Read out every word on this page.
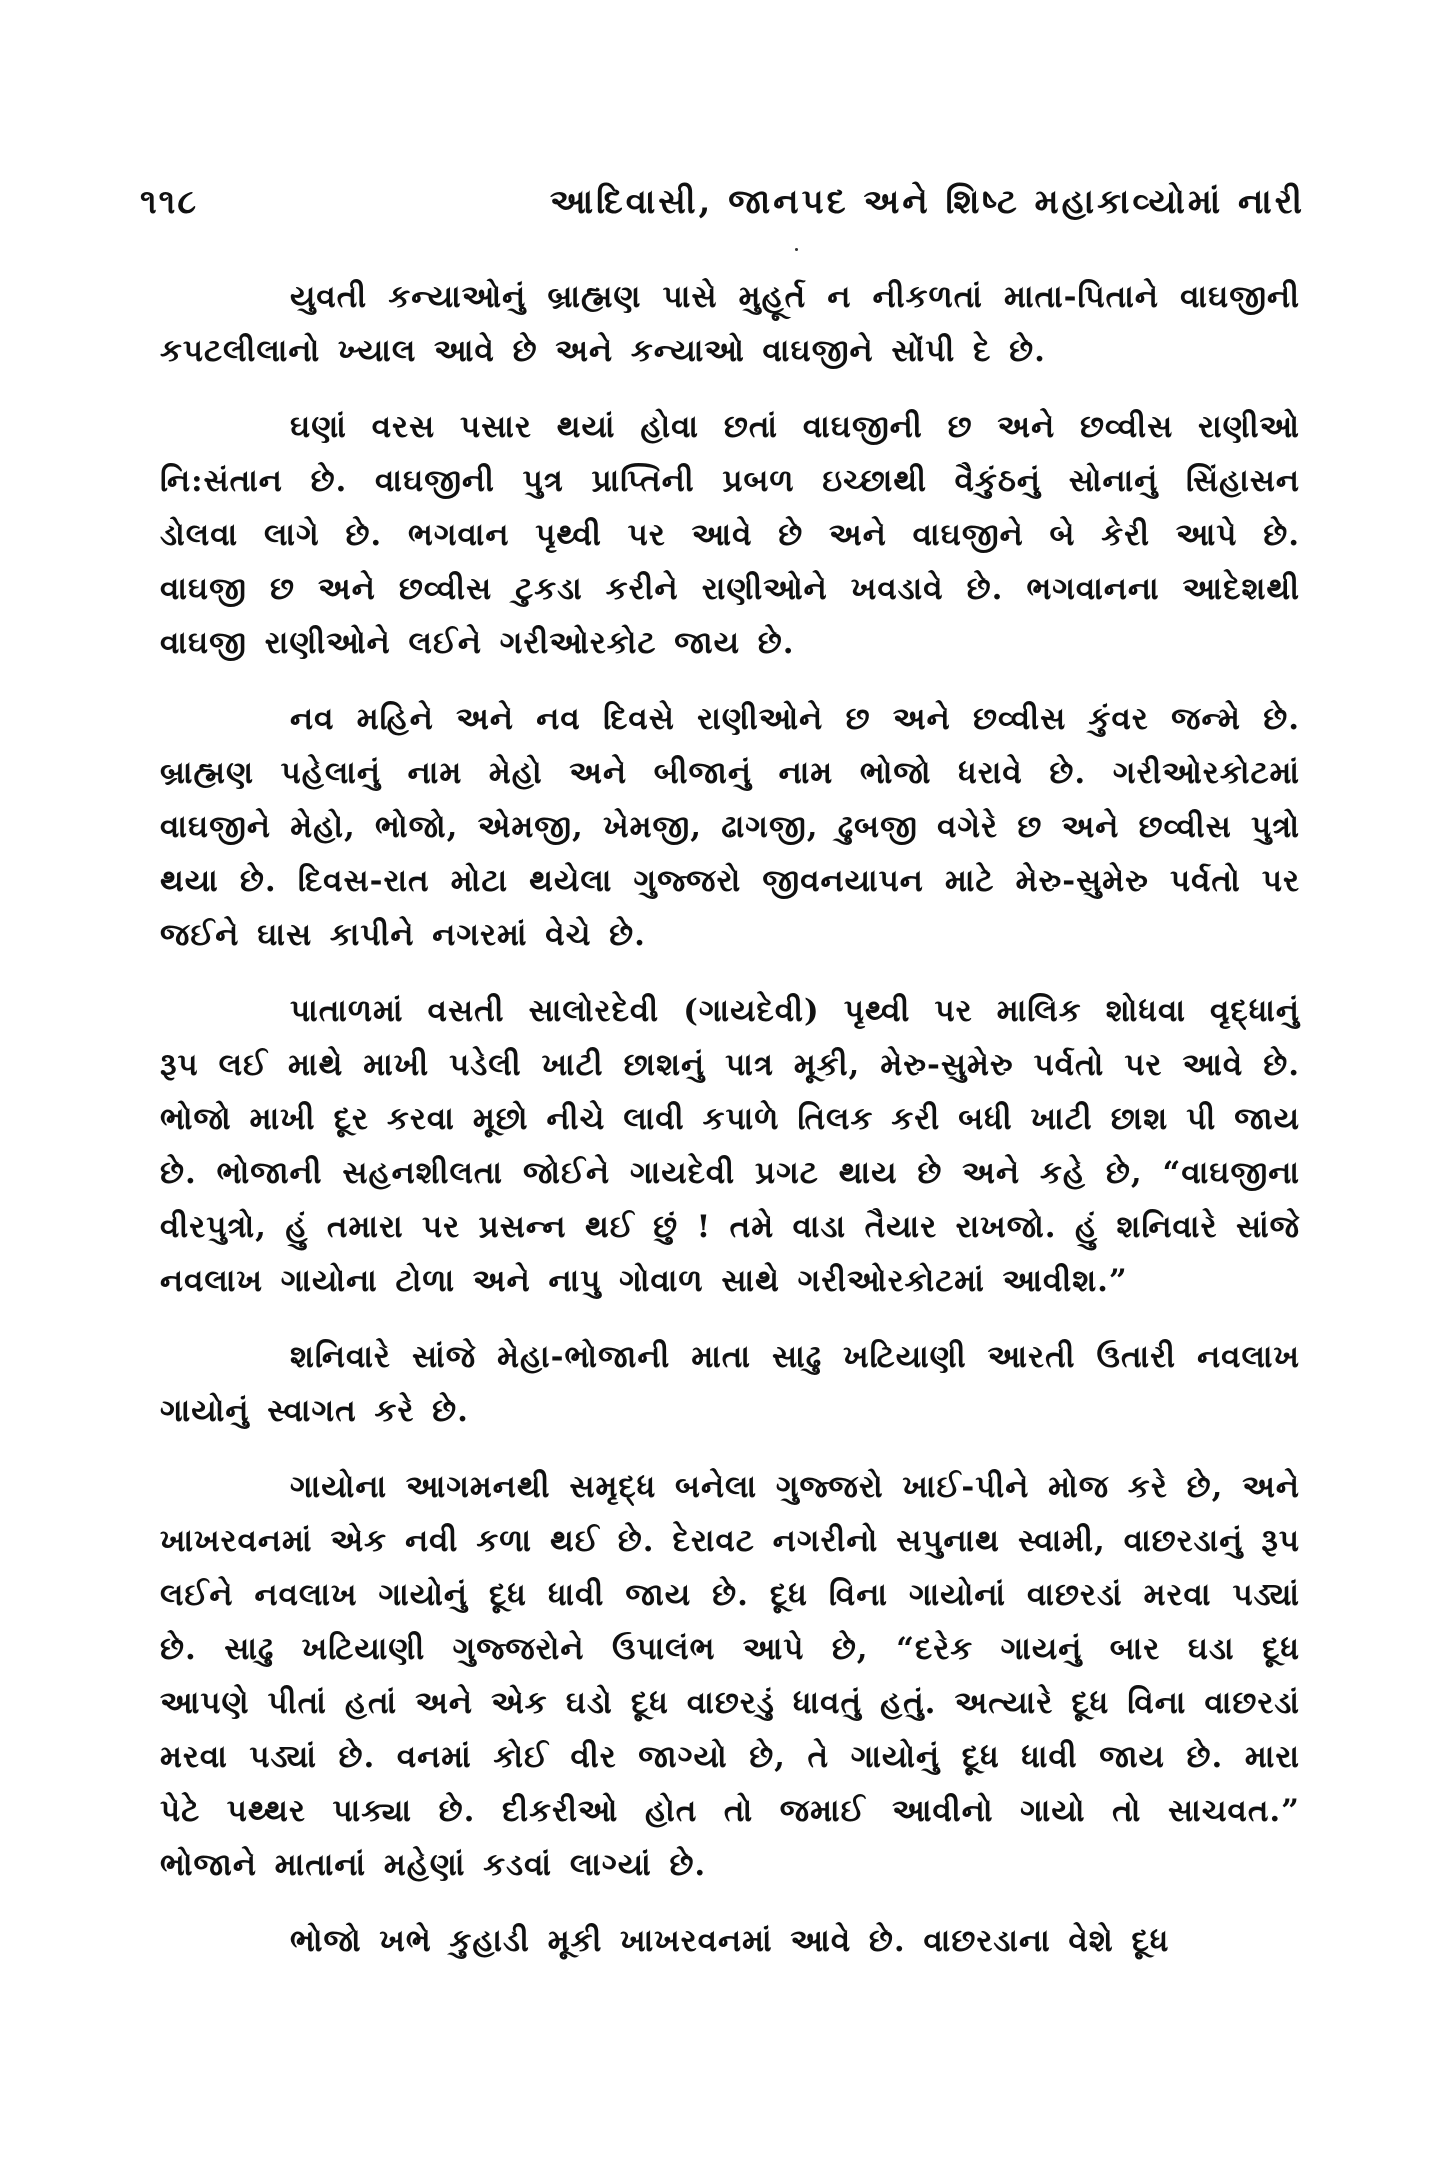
૧૧૮	આદિવાસી, જાનપદ અને શિષ્ટ મહાકાવ્યોમાં નારી

યુવતી કન્યાઓનું બ્રાહ્મણ પાસે મુહૂર્ત ન નીકળતાં માતા-પિતાને વાઘજીની કપટલીલાનો ખ્યાલ આવે છે અને કન્યાઓ વાઘજીને સોંપી દે છે.

ઘણાં વરસ પસાર થયાં હોવા છતાં વાઘજીની છ અને છવ્વીસ રાણીઓ નિ:સંતાન છે. વાઘજીની પુત્ર પ્રાપ્તિની પ્રબળ ઇચ્છાથી વૈકુંઠનું સોનાનું સિંહાસન ડોલવા લાગે છે. ભગવાન પૃથ્વી પર આવે છે અને વાઘજીને બે કેરી આપે છે. વાઘજી છ અને છવ્વીસ ટુકડા કરીને રાણીઓને ખવડાવે છે. ભગવાનના આદેશથી વાઘજી રાણીઓને લઈને ગરીઓરકોટ જાય છે.

નવ મહિને અને નવ દિવસે રાણીઓને છ અને છવ્વીસ કુંવર જન્મે છે. બ્રાહ્મણ પહેલાનું નામ મેહો અને બીજાનું નામ ભોજો ધરાવે છે. ગરીઓરકોટમાં વાઘજીને મેહો, ભોજો, એમજી, ખેમજી, ઢાગજી, ઢુબજી વગેરે છ અને છવ્વીસ પુત્રો થયા છે. દિવસ-રાત મોટા થયેલા ગુજ્જરો જીવનયાપન માટે મેરુ-સુમેરુ પર્વતો પર જઈને ઘાસ કાપીને નગરમાં વેચે છે.

પાતાળમાં વસતી સાલોરદેવી (ગાયદેવી) પૃથ્વી પર માલિક શોધવા વૃદ્ધાનું રૂપ લઈ માથે માખી પડેલી ખાટી છાશનું પાત્ર મૂકી, મેરુ-સુમેરુ પર્વતો પર આવે છે. ભોજો માખી દૂર કરવા મૂછો નીચે લાવી કપાળે તિલક કરી બધી ખાટી છાશ પી જાય છે. ભોજાની સહનશીલતા જોઈને ગાયદેવી પ્રગટ થાય છે અને કહે છે, “વાઘજીના વીરપુત્રો, હું તમારા પર પ્રસન્ન થઈ છું ! તમે વાડા તૈયાર રાખજો. હું શનિવારે સાંજે નવલાખ ગાયોના ટોળા અને નાપુ ગોવાળ સાથે ગરીઓરકોટમાં આવીશ.”

શનિવારે સાંજે મેહા-ભોજાની માતા સાઢુ ખટિયાણી આરતી ઉતારી નવલાખ ગાયોનું સ્વાગત કરે છે.

ગાયોના આગમનથી સમૃદ્ધ બનેલા ગુજ્જરો ખાઈ-પીને મોજ કરે છે, અને ખાખરવનમાં એક નવી કળા થઈ છે. દેરાવટ નગરીનો સપુનાથ સ્વામી, વાછરડાનું રૂપ લઈને નવલાખ ગાયોનું દૂધ ધાવી જાય છે. દૂધ વિના ગાયોનાં વાછરડાં મરવા પડ્યાં છે. સાઢુ ખટિયાણી ગુજ્જરોને ઉપાલંભ આપે છે, “દરેક ગાયનું બાર ઘડા દૂધ આપણે પીતાં હતાં અને એક ઘડો દૂધ વાછરડું ધાવતું હતું. અત્યારે દૂધ વિના વાછરડાં મરવા પડ્યાં છે. વનમાં કોઈ વીર જાગ્યો છે, તે ગાયોનું દૂધ ધાવી જાય છે. મારા પેટે પથ્થર પાક્યા છે. દીકરીઓ હોત તો જમાઈ આવીનો ગાયો તો સાચવત.” ભોજાને માતાનાં મહેણાં કડવાં લાગ્યાં છે.

ભોજો ખભે કુહાડી મૂકી ખાખરવનમાં આવે છે. વાછરડાના વેશે દૂધ
